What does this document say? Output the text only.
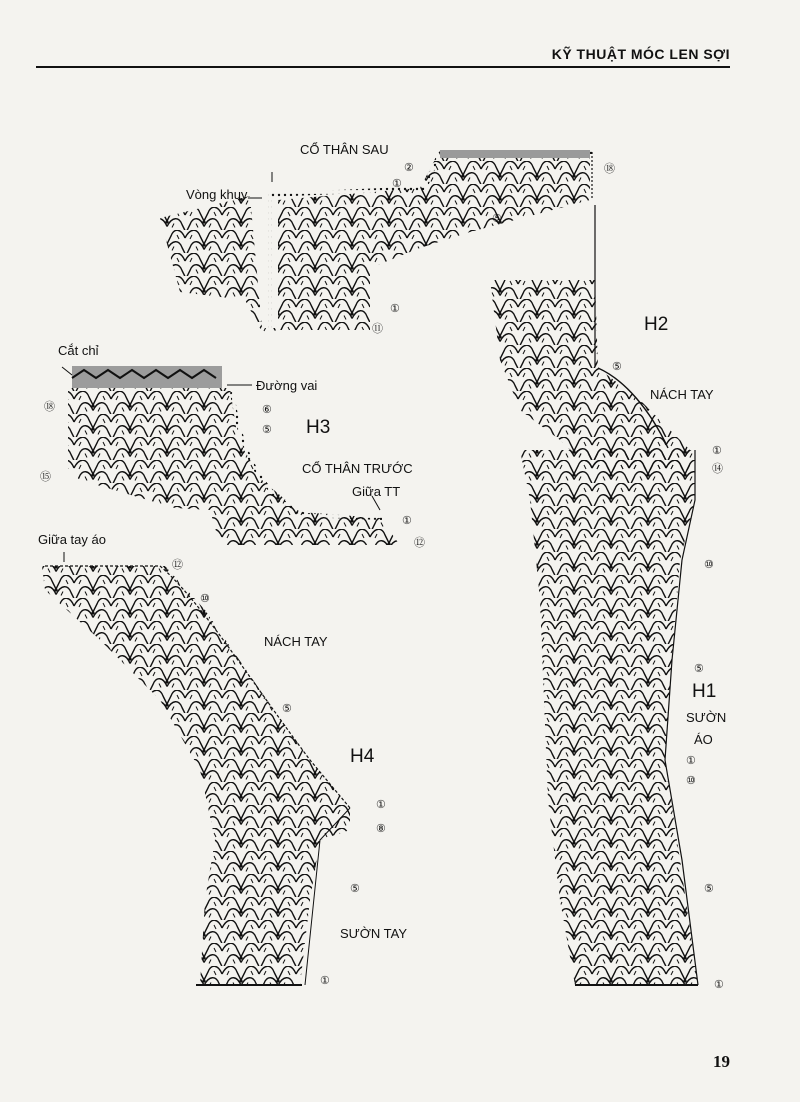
KỸ THUẬT MÓC LEN SỢI
CỔ THÂN SAU
Vòng khuy
Cắt chỉ
Đường vai
H3
CỔ THÂN TRƯỚC
Giữa TT
Giữa tay áo
NÁCH TAY
H4
SƯỜN TAY
H2
NÁCH TAY
H1
SƯỜN
ÁO
②
①
⑱
⑤
①
⑪
⑱
⑮
⑥
⑤
①
⑫
⑫
⑩
⑤
①
⑧
⑤
①
⑤
①
⑭
⑩
⑤
①
⑩
⑤
①
19
